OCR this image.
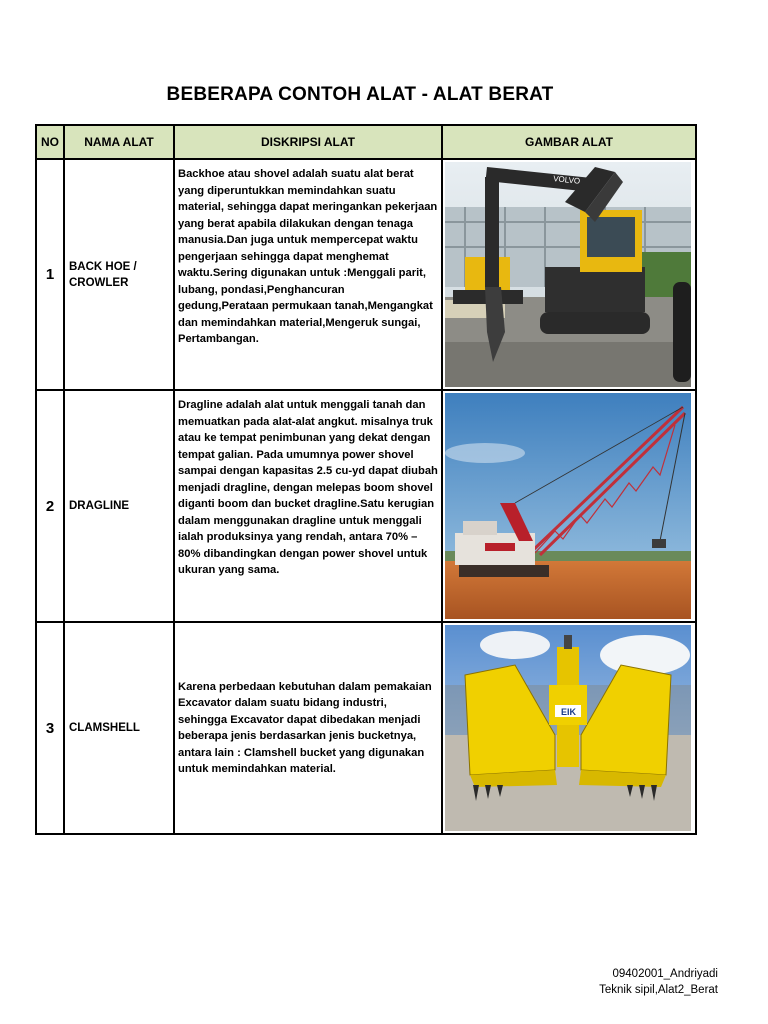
BEBERAPA CONTOH ALAT - ALAT BERAT
NO	NAMA ALAT	DISKRIPSI ALAT	GAMBAR ALAT
1	BACK HOE / CROWLER	Backhoe atau shovel adalah suatu alat berat yang diperuntukkan memindahkan suatu material, sehingga dapat meringankan pekerjaan yang berat apabila dilakukan dengan tenaga manusia.Dan juga untuk mempercepat waktu pengerjaan sehingga dapat menghemat waktu.Sering digunakan untuk :Menggali parit, lubang, pondasi,Penghancuran gedung,Perataan permukaan tanah,Mengangkat dan memindahkan material,Mengeruk sungai, Pertambangan.	VOLVO

2	DRAGLINE	Dragline adalah alat untuk menggali tanah dan memuatkan pada alat-alat angkut. misalnya truk atau ke tempat penimbunan yang dekat dengan tempat galian. Pada umumnya power shovel sampai dengan kapasitas 2.5 cu-yd dapat diubah menjadi dragline, dengan melepas boom shovel diganti boom dan bucket dragline.Satu kerugian dalam menggunakan dragline untuk menggali ialah produksinya yang rendah, antara 70% – 80% dibandingkan dengan power shovel untuk ukuran yang sama.	

3	CLAMSHELL	Karena perbedaan kebutuhan dalam pemakaian Excavator dalam suatu bidang industri, sehingga Excavator dapat dibedakan menjadi beberapa jenis berdasarkan jenis bucketnya, antara lain : Clamshell bucket yang digunakan untuk memindahkan material.	EIK
09402001_Andriyadi
Teknik sipil,Alat2_Berat
